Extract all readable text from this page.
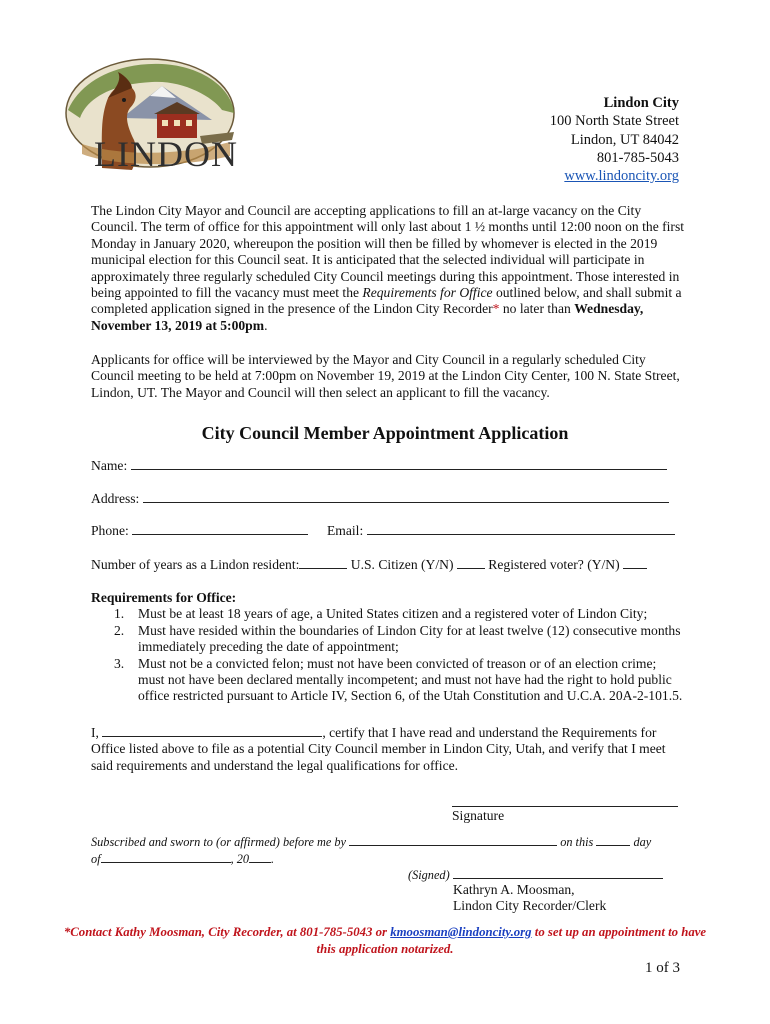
LINDON
Lindon City
100 North State Street
Lindon, UT 84042
801-785-5043
www.lindoncity.org
The Lindon City Mayor and Council are accepting applications to fill an at-large vacancy on the City Council. The term of office for this appointment will only last about 1 ½ months until 12:00 noon on the first Monday in January 2020, whereupon the position will then be filled by whomever is elected in the 2019 municipal election for this Council seat. It is anticipated that the selected individual will participate in approximately three regularly scheduled City Council meetings during this appointment. Those interested in being appointed to fill the vacancy must meet the Requirements for Office outlined below, and shall submit a completed application signed in the presence of the Lindon City Recorder* no later than Wednesday, November 13, 2019 at 5:00pm.
Applicants for office will be interviewed by the Mayor and City Council in a regularly scheduled City Council meeting to be held at 7:00pm on November 19, 2019 at the Lindon City Center, 100 N. State Street, Lindon, UT. The Mayor and Council will then select an applicant to fill the vacancy.
City Council Member Appointment Application
Name:
Address:
Phone:	Email:
Number of years as a Lindon resident:	U.S. Citizen (Y/N)	Registered voter? (Y/N)
Requirements for Office:
1.	Must be at least 18 years of age, a United States citizen and a registered voter of Lindon City;
2.	Must have resided within the boundaries of Lindon City for at least twelve (12) consecutive months immediately preceding the date of appointment;
3.	Must not be a convicted felon; must not have been convicted of treason or of an election crime; must not have been declared mentally incompetent; and must not have had the right to hold public office restricted pursuant to Article IV, Section 6, of the Utah Constitution and U.C.A. 20A-2-101.5.
I,	, certify that I have read and understand the Requirements for Office listed above to file as a potential City Council member in Lindon City, Utah, and verify that I meet said requirements and understand the legal qualifications for office.
Signature
Subscribed and sworn to (or affirmed) before me by	on this	day
of	, 20 .
(Signed)
Kathryn A. Moosman,
Lindon City Recorder/Clerk
*Contact Kathy Moosman, City Recorder, at 801-785-5043 or kmoosman@lindoncity.org to set up an appointment to have this application notarized.
1 of 3
